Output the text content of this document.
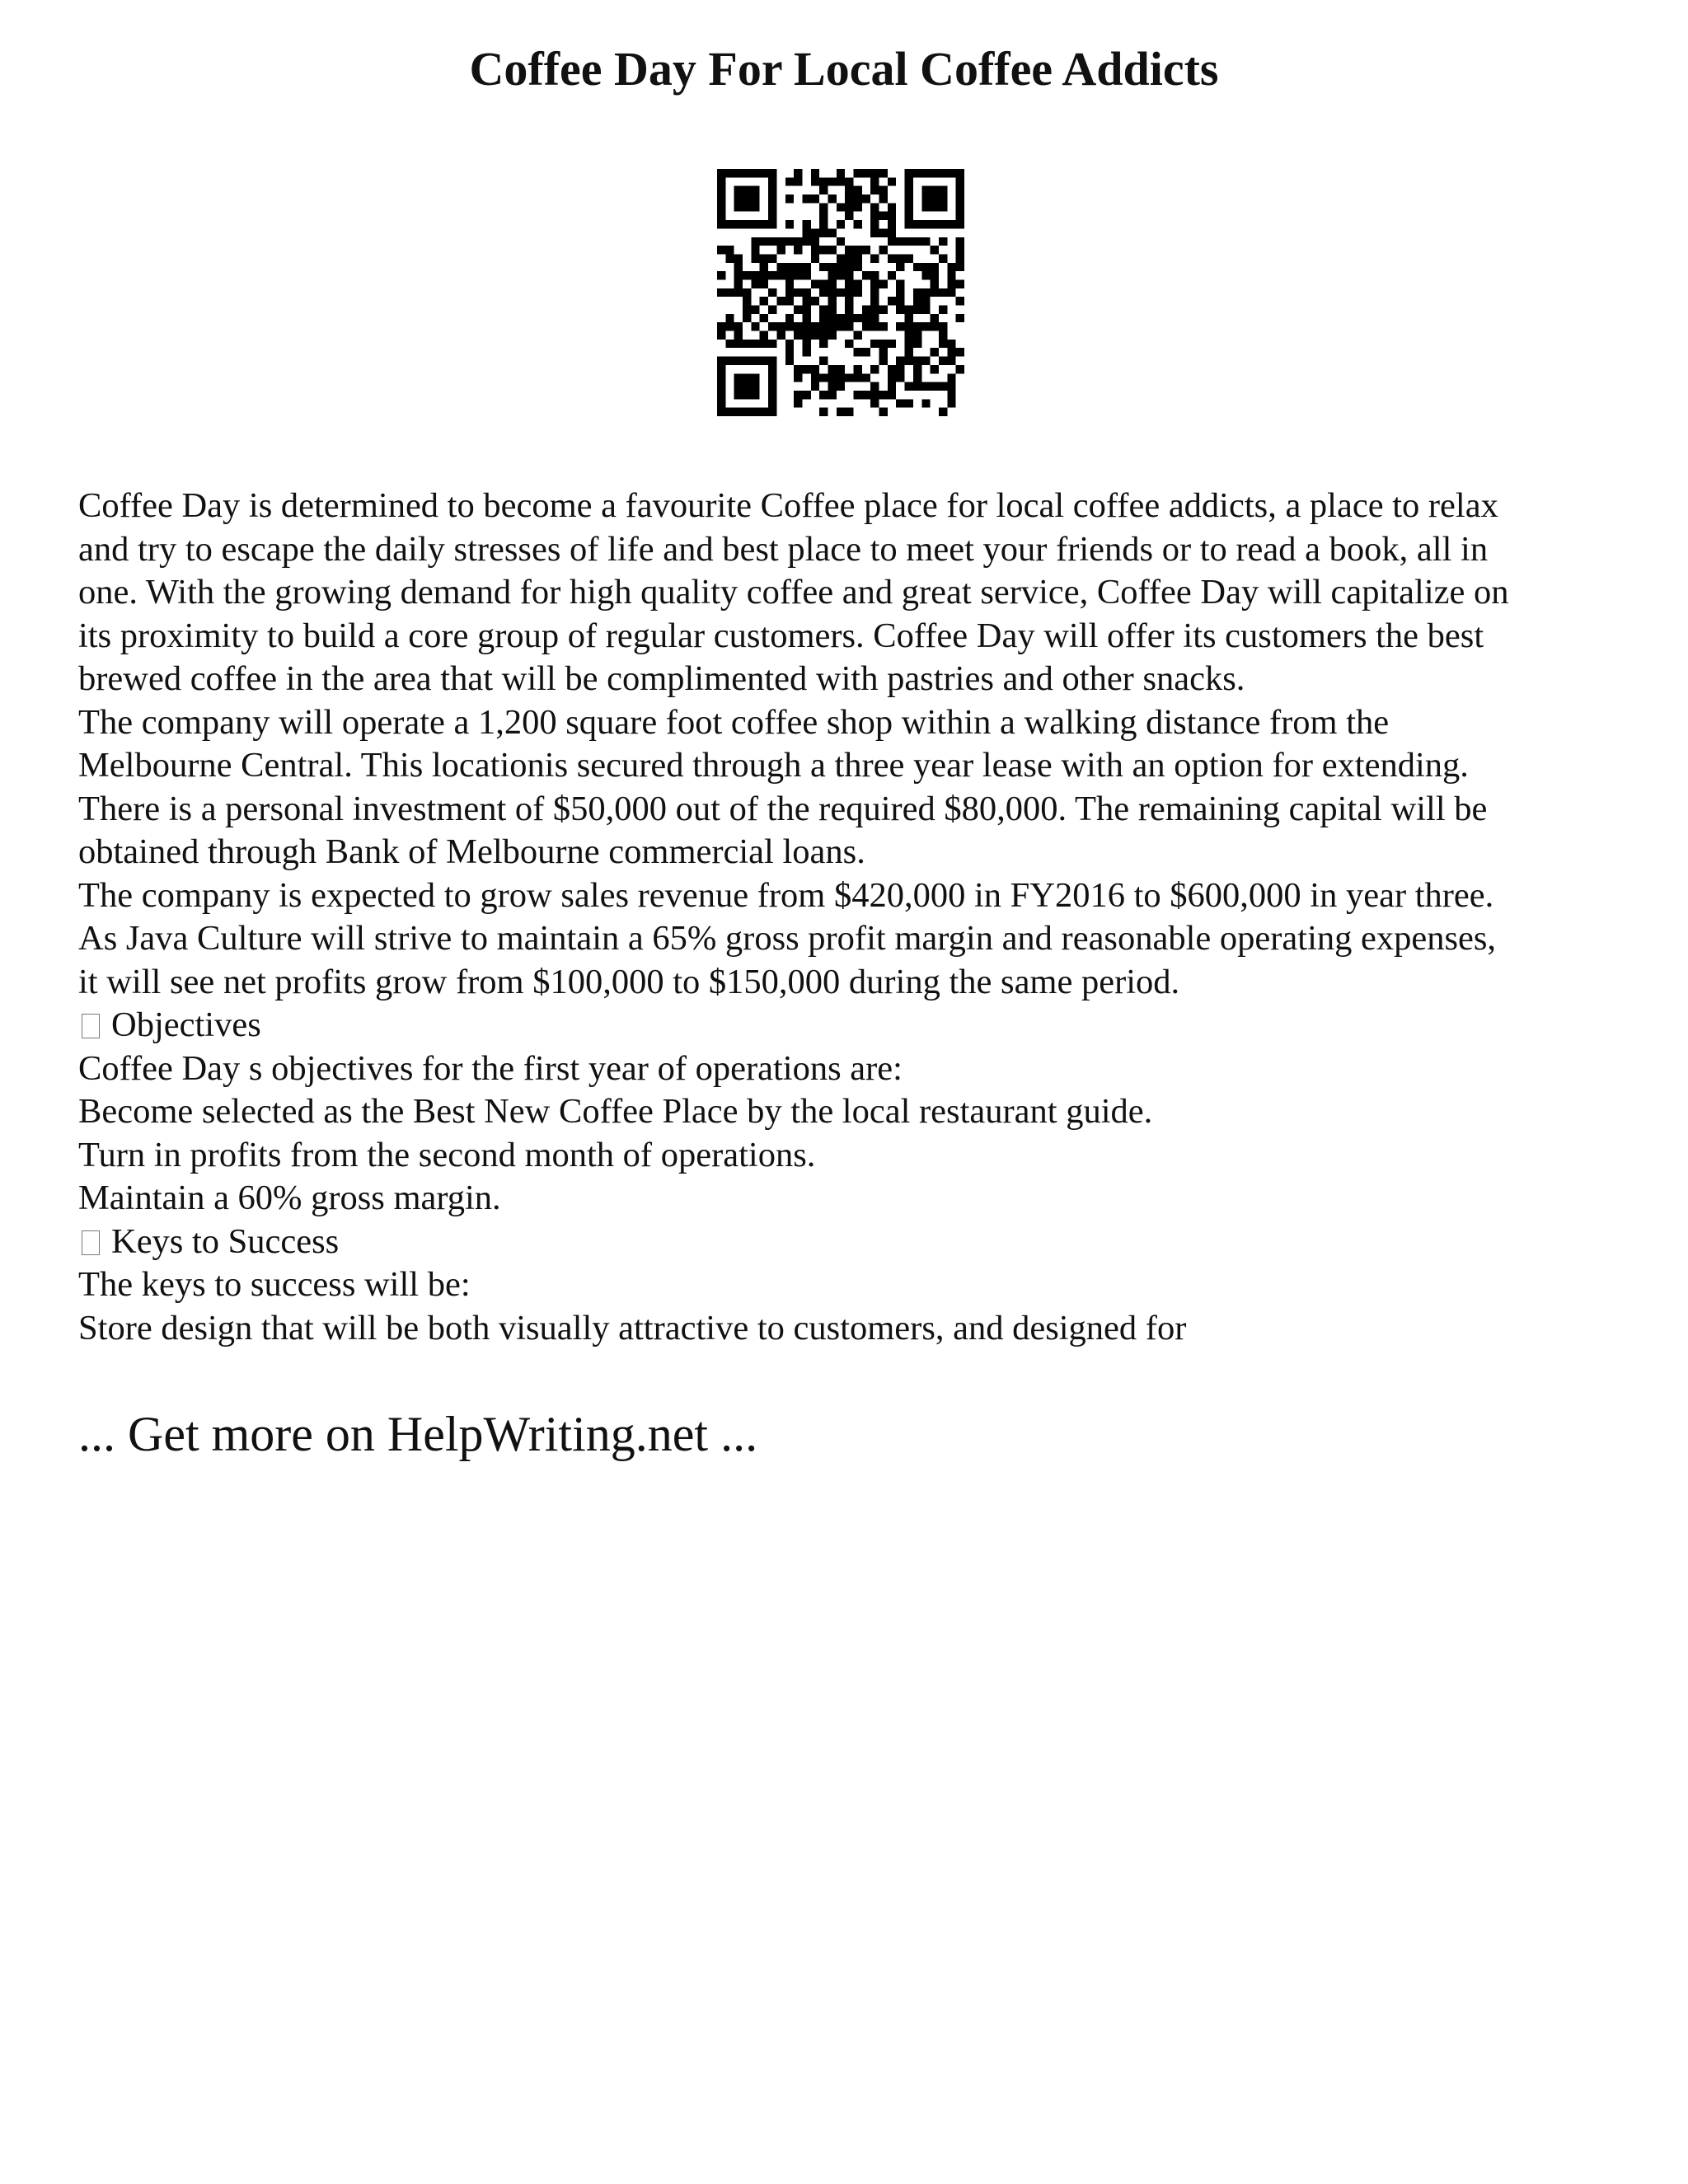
Coffee Day For Local Coffee Addicts
Coffee Day is determined to become a favourite Coffee place for local coffee addicts, a place to relax
and try to escape the daily stresses of life and best place to meet your friends or to read a book, all in
one. With the growing demand for high quality coffee and great service, Coffee Day will capitalize on
its proximity to build a core group of regular customers. Coffee Day will offer its customers the best
brewed coffee in the area that will be complimented with pastries and other snacks.
The company will operate a 1,200 square foot coffee shop within a walking distance from the
Melbourne Central. This locationis secured through a three year lease with an option for extending.
There is a personal investment of $50,000 out of the required $80,000. The remaining capital will be
obtained through Bank of Melbourne commercial loans.
The company is expected to grow sales revenue from $420,000 in FY2016 to $600,000 in year three.
As Java Culture will strive to maintain a 65% gross profit margin and reasonable operating expenses,
it will see net profits grow from $100,000 to $150,000 during the same period.
Objectives
Coffee Day s objectives for the first year of operations are:
Become selected as the Best New Coffee Place by the local restaurant guide.
Turn in profits from the second month of operations.
Maintain a 60% gross margin.
Keys to Success
The keys to success will be:
Store design that will be both visually attractive to customers, and designed for
... Get more on HelpWriting.net ...
